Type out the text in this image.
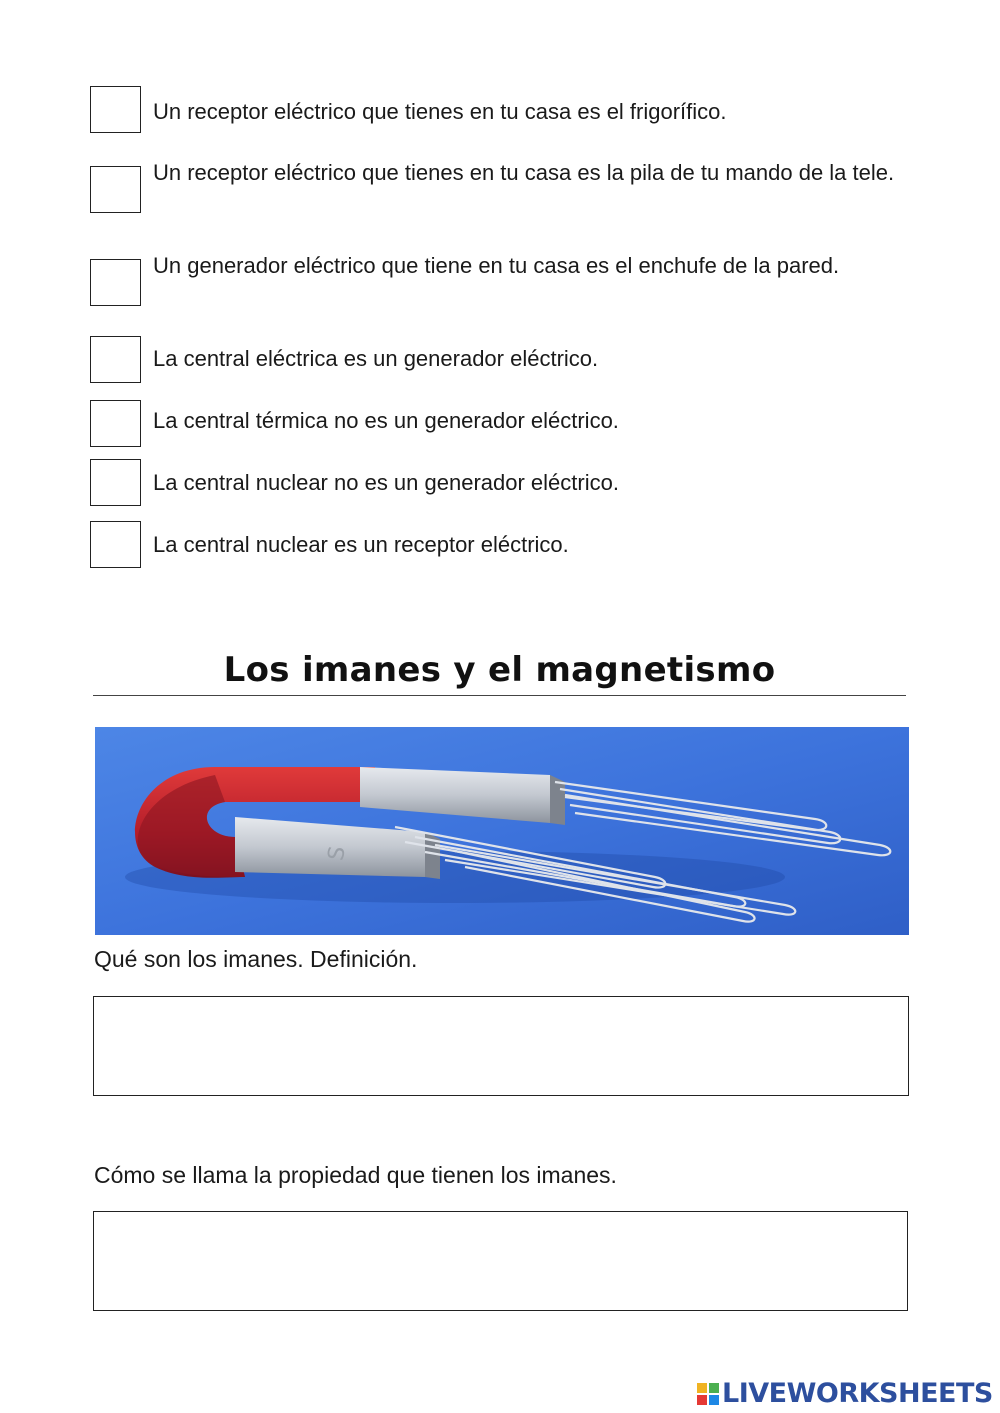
Un receptor eléctrico que tienes en tu casa es el frigorífico.
Un receptor eléctrico que tienes en tu casa es la pila de tu mando de la tele.
Un generador eléctrico que tiene en tu casa es el enchufe de la pared.
La central eléctrica es un generador eléctrico.
La central térmica no es un generador eléctrico.
La central nuclear no es un generador eléctrico.
La central nuclear es un receptor eléctrico.
Los imanes y el magnetismo
S
Qué son los imanes. Definición.
Cómo se llama la propiedad que tienen los imanes.
LIVEWORKSHEETS
